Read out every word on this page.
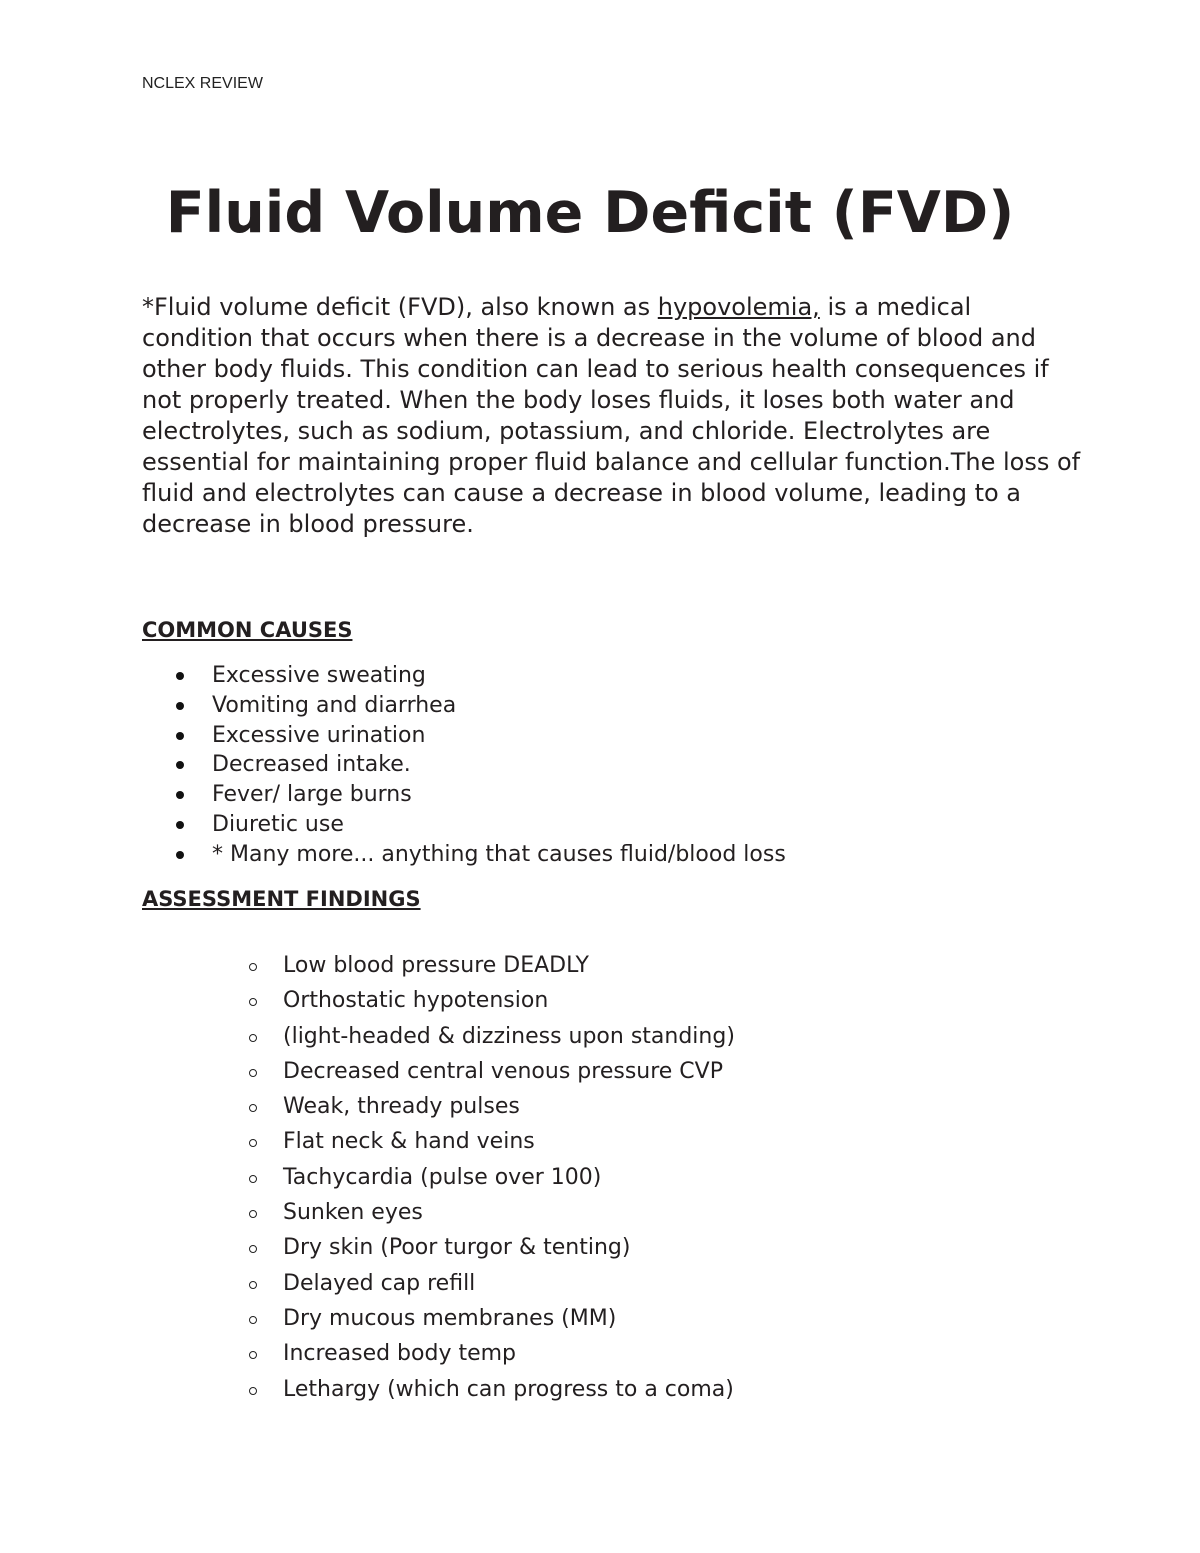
NCLEX REVIEW
Fluid Volume Deficit (FVD)

*Fluid volume deficit (FVD), also known as hypovolemia, is a medical condition that occurs when there is a decrease in the volume of blood and other body fluids. This condition can lead to serious health consequences if not properly treated. When the body loses fluids, it loses both water and electrolytes, such as sodium, potassium, and chloride. Electrolytes are essential for maintaining proper fluid balance and cellular function.The loss of fluid and electrolytes can cause a decrease in blood volume, leading to a decrease in blood pressure.

COMMON CAUSES
Excessive sweating
Vomiting and diarrhea
Excessive urination
Decreased intake.
Fever/ large burns
Diuretic use
* Many more... anything that causes fluid/blood loss
ASSESSMENT FINDINGS
Low blood pressure DEADLY
Orthostatic hypotension
(light-headed & dizziness upon standing)
Decreased central venous pressure CVP
Weak, thready pulses
Flat neck & hand veins
Tachycardia (pulse over 100)
Sunken eyes
Dry skin (Poor turgor & tenting)
Delayed cap refill
Dry mucous membranes (MM)
Increased body temp
Lethargy (which can progress to a coma)
